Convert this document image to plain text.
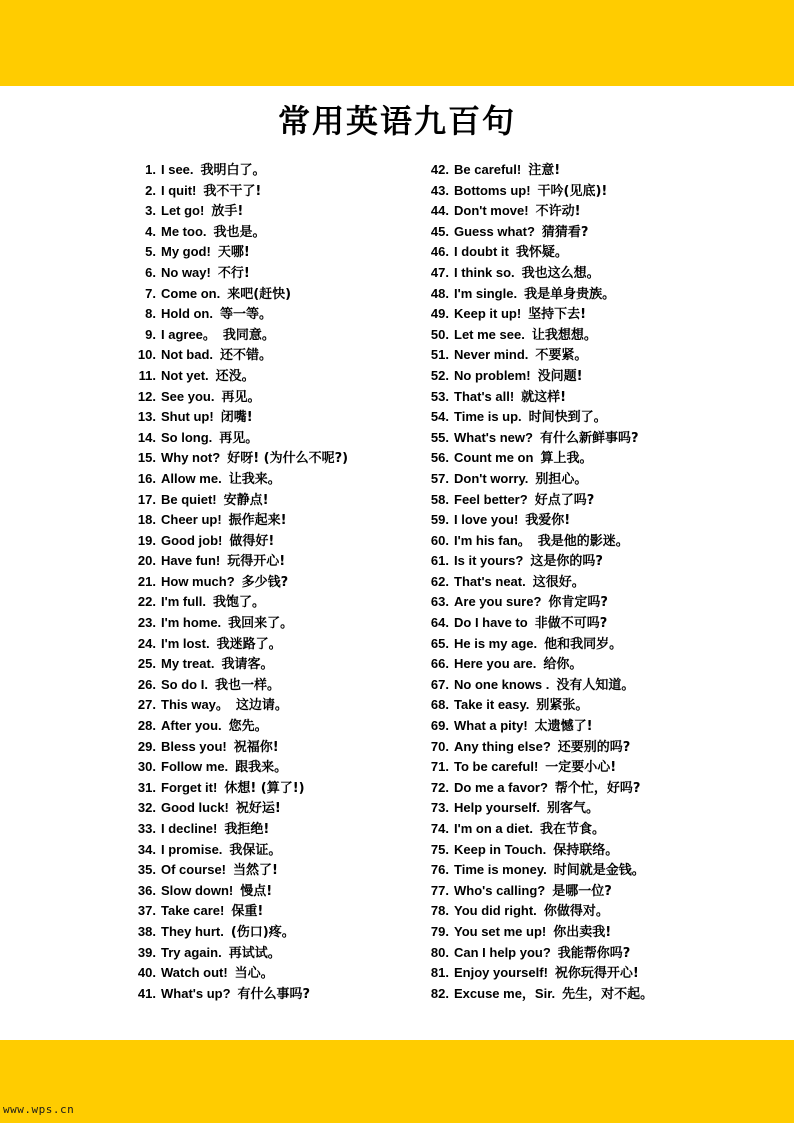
常用英语九百句
1. I see. 我明白了。
2. I quit! 我不干了!
3. Let go! 放手!
4. Me too. 我也是。
5. My god! 天哪!
6. No way! 不行!
7. Come on. 来吧(赶快)
8. Hold on. 等一等。
9. I agree。 我同意。
10. Not bad. 还不错。
11. Not yet. 还没。
12. See you. 再见。
13. Shut up! 闭嘴!
14. So long. 再见。
15. Why not? 好呀! (为什么不呢?)
16. Allow me. 让我来。
17. Be quiet! 安静点!
18. Cheer up! 振作起来!
19. Good job! 做得好!
20. Have fun! 玩得开心!
21. How much? 多少钱?
22. I'm full. 我饱了。
23. I'm home. 我回来了。
24. I'm lost. 我迷路了。
25. My treat. 我请客。
26. So do I. 我也一样。
27. This way。 这边请。
28. After you. 您先。
29. Bless you! 祝福你!
30. Follow me. 跟我来。
31. Forget it! 休想! (算了!)
32. Good luck! 祝好运!
33. I decline! 我拒绝!
34. I promise. 我保证。
35. Of course! 当然了!
36. Slow down! 慢点!
37. Take care! 保重!
38. They hurt. (伤口)疼。
39. Try again. 再试试。
40. Watch out! 当心。
41. What's up? 有什么事吗?
42. Be careful! 注意!
43. Bottoms up! 干吟(见底)!
44. Don't move! 不许动!
45. Guess what? 猜猜看?
46. I doubt it 我怀疑。
47. I think so. 我也这么想。
48. I'm single. 我是单身贵族。
49. Keep it up! 坚持下去!
50. Let me see. 让我想想。
51. Never mind. 不要紧。
52. No problem! 没问题!
53. That's all! 就这样!
54. Time is up. 时间快到了。
55. What's new? 有什么新鲜事吗?
56. Count me on 算上我。
57. Don't worry. 别担心。
58. Feel better? 好点了吗?
59. I love you! 我爱你!
60. I'm his fan。 我是他的影迷。
61. Is it yours? 这是你的吗?
62. That's neat. 这很好。
63. Are you sure? 你肯定吗?
64. Do I have to 非做不可吗?
65. He is my age. 他和我同岁。
66. Here you are. 给你。
67. No one knows . 没有人知道。
68. Take it easy. 别紧张。
69. What a pity! 太遗憾了!
70. Any thing else? 还要别的吗?
71. To be careful! 一定要小心!
72. Do me a favor? 帮个忙，好吗?
73. Help yourself. 别客气。
74. I'm on a diet. 我在节食。
75. Keep in Touch. 保持联络。
76. Time is money. 时间就是金钱。
77. Who's calling? 是哪一位?
78. You did right. 你做得对。
79. You set me up! 你出卖我!
80. Can I help you? 我能帮你吗?
81. Enjoy yourself! 祝你玩得开心!
82. Excuse me，Sir. 先生，对不起。
www.wps.cn
